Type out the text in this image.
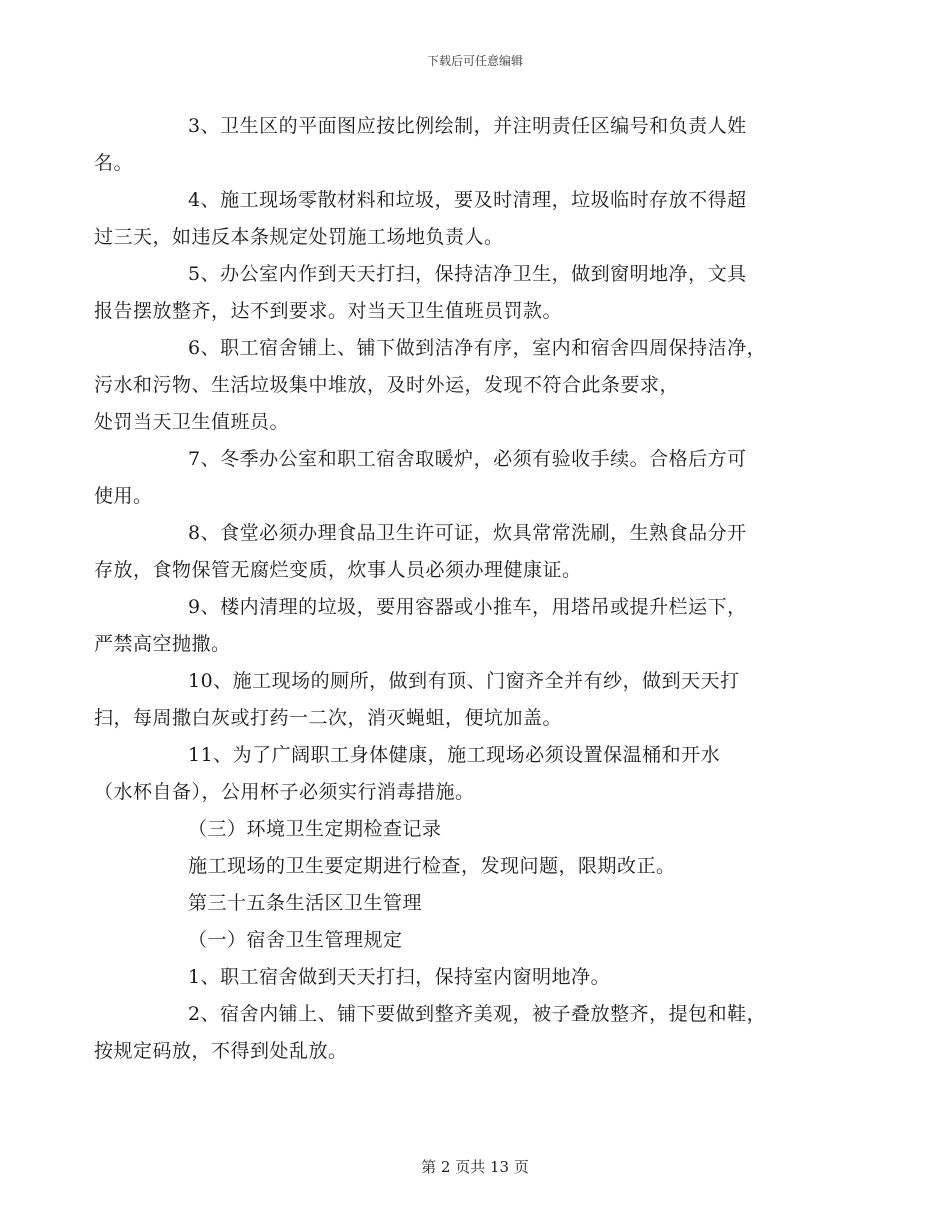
下载后可任意编辑

3、卫生区的平面图应按比例绘制，并注明责任区编号和负责人姓
名。

4、施工现场零散材料和垃圾，要及时清理，垃圾临时存放不得超
过三天，如违反本条规定处罚施工场地负责人。

5、办公室内作到天天打扫，保持洁净卫生，做到窗明地净，文具
报告摆放整齐，达不到要求。对当天卫生值班员罚款。

6、职工宿舍铺上、铺下做到洁净有序，室内和宿舍四周保持洁净，
污水和污物、生活垃圾集中堆放，及时外运，发现不符合此条要求，
处罚当天卫生值班员。

7、冬季办公室和职工宿舍取暖炉，必须有验收手续。合格后方可
使用。

8、食堂必须办理食品卫生许可证，炊具常常洗刷，生熟食品分开
存放，食物保管无腐烂变质，炊事人员必须办理健康证。

9、楼内清理的垃圾，要用容器或小推车，用塔吊或提升栏运下，
严禁高空抛撒。

10、施工现场的厕所，做到有顶、门窗齐全并有纱，做到天天打
扫，每周撒白灰或打药一二次，消灭蝇蛆，便坑加盖。

11、为了广阔职工身体健康，施工现场必须设置保温桶和开水
（水杯自备），公用杯子必须实行消毒措施。

（三）环境卫生定期检查记录

施工现场的卫生要定期进行检查，发现问题，限期改正。

第三十五条生活区卫生管理

（一）宿舍卫生管理规定

1、职工宿舍做到天天打扫，保持室内窗明地净。

2、宿舍内铺上、铺下要做到整齐美观，被子叠放整齐，提包和鞋，
按规定码放，不得到处乱放。

第 2 页共 13 页
